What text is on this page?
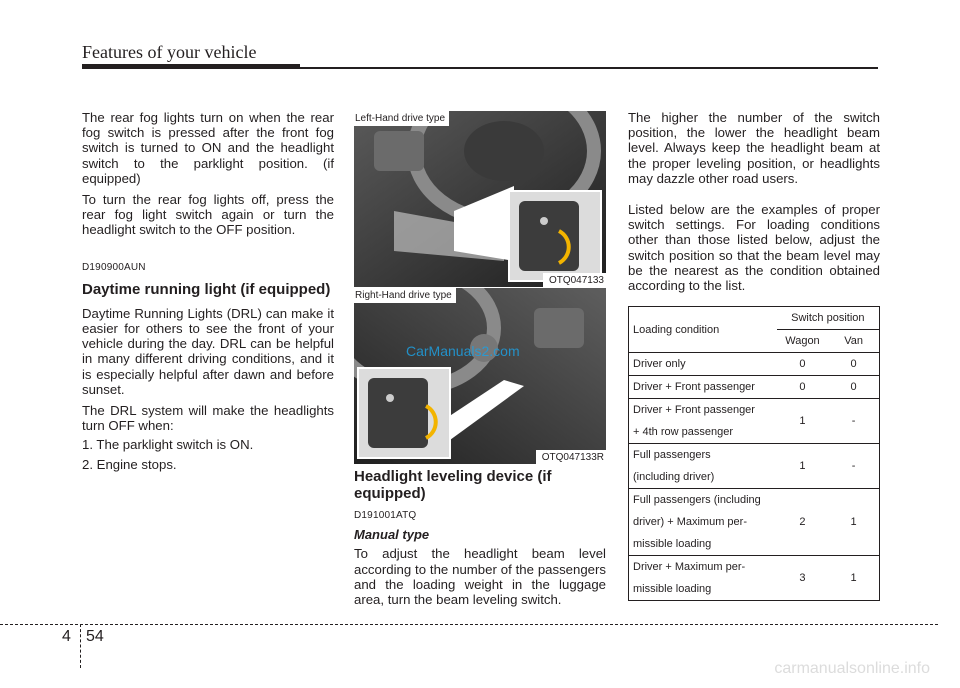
Features of your vehicle

The rear fog lights turn on when the rear fog switch is pressed after the front fog switch is turned to ON and the headlight switch to the parklight position. (if equipped)

To turn the rear fog lights off, press the rear fog light switch again or turn the headlight switch to the OFF position.

D190900AUN
Daytime running light (if equipped)

Daytime Running Lights (DRL) can make it easier for others to see the front of your vehicle during the day. DRL can be helpful in many different driving conditions, and it is especially helpful after dawn and before sunset.

The DRL system will make the headlights turn OFF when:

1. The parklight switch is ON.
2. Engine stops.
Left-Hand drive type
OTQ047133
Right-Hand drive type
OTQ047133R
CarManuals2.com
Headlight leveling device (if equipped)
D191001ATQ
Manual type

To adjust the headlight beam level according to the number of the passengers and the loading weight in the luggage area, turn the beam leveling switch.

The higher the number of the switch position, the lower the headlight beam level. Always keep the headlight beam at the proper leveling position, or headlights may dazzle other road users.

Listed below are the examples of proper switch settings. For loading conditions other than those listed below, adjust the switch position so that the beam level may be the nearest as the condition obtained according to the list.

Loading condition	Switch position	
	Wagon	Van

Driver only	0	0

Driver + Front passenger	0	0

Driver + Front passenger
+ 4th row passenger	1	-

Full passengers
(including driver)	1	-

Full passengers (including
driver) + Maximum per-
missible loading	2	1

Driver + Maximum per-
missible loading	3	1
4 54
carmanualsonline.info
